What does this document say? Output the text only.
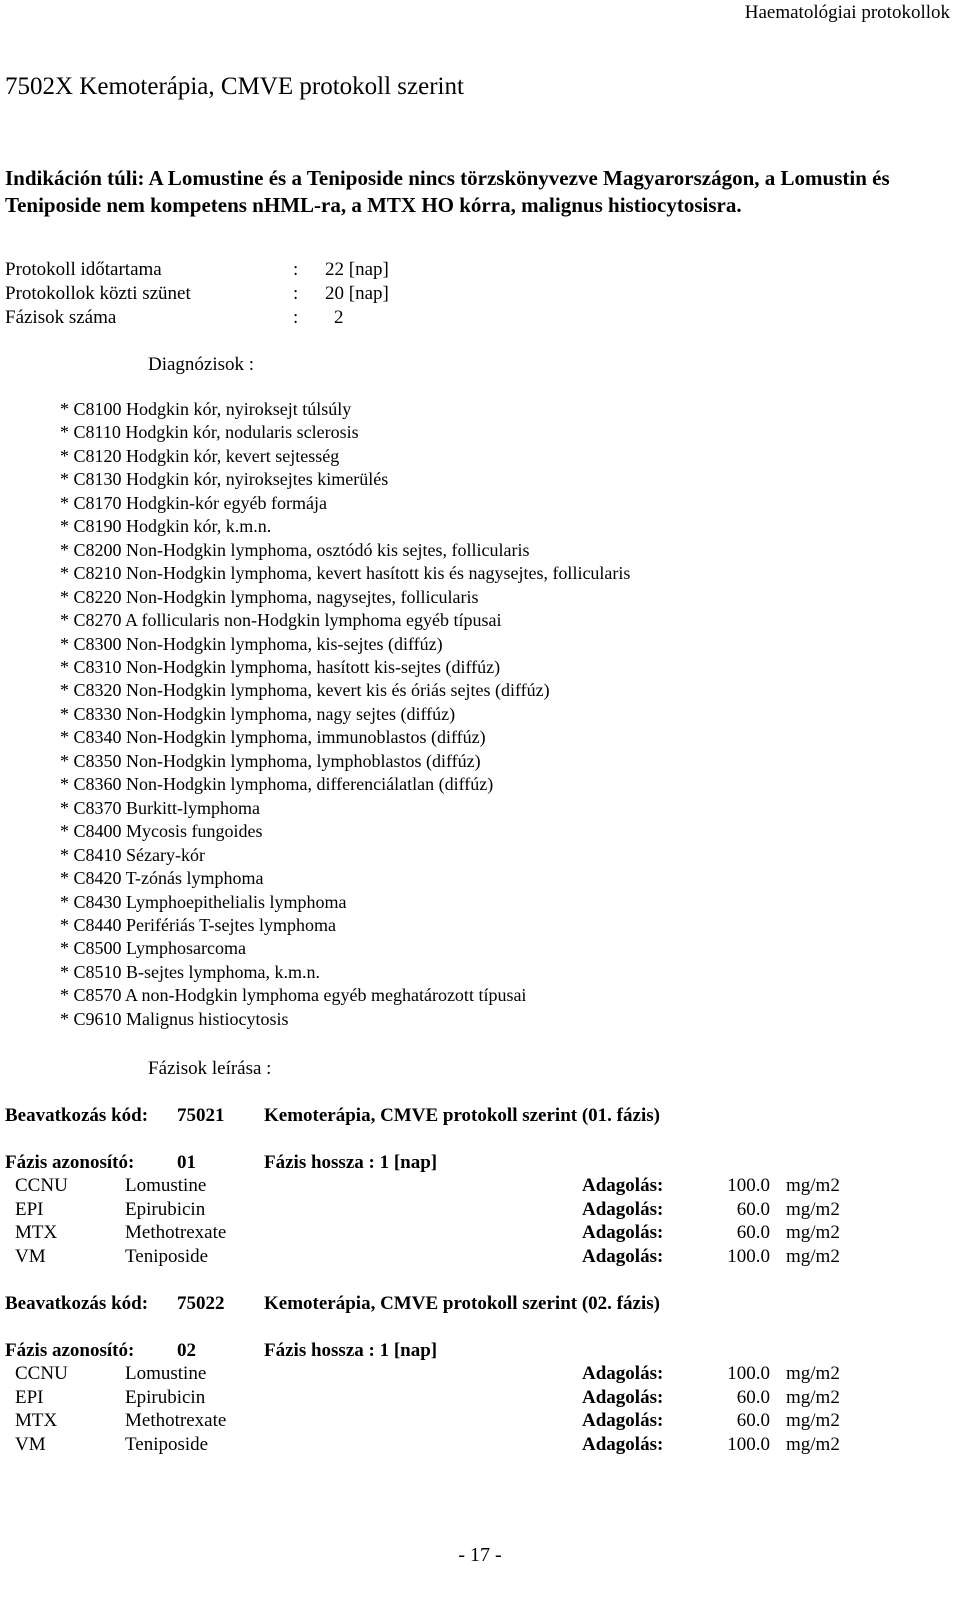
Haematológiai protokollok
7502X Kemoterápia, CMVE protokoll szerint
Indikáción túli: A Lomustine és a Teniposide nincs törzskönyvezve Magyarországon, a Lomustin és Teniposide nem kompetens nHML-ra, a MTX HO kórra, malignus histiocytosisra.
Protokoll időtartama	: 22 [nap]
Protokollok közti szünet	: 20 [nap]
Fázisok száma	: 2
Diagnózisok :
* C8100 Hodgkin kór, nyiroksejt túlsúly
* C8110 Hodgkin kór, nodularis sclerosis
* C8120 Hodgkin kór, kevert sejtesség
* C8130 Hodgkin kór, nyiroksejtes kimerülés
* C8170 Hodgkin-kór egyéb formája
* C8190 Hodgkin kór, k.m.n.
* C8200 Non-Hodgkin lymphoma, osztódó kis sejtes, follicularis
* C8210 Non-Hodgkin lymphoma, kevert hasított kis és nagysejtes, follicularis
* C8220 Non-Hodgkin lymphoma, nagysejtes, follicularis
* C8270 A follicularis non-Hodgkin lymphoma egyéb típusai
* C8300 Non-Hodgkin lymphoma, kis-sejtes (diffúz)
* C8310 Non-Hodgkin lymphoma, hasított kis-sejtes (diffúz)
* C8320 Non-Hodgkin lymphoma, kevert kis és óriás sejtes (diffúz)
* C8330 Non-Hodgkin lymphoma, nagy sejtes (diffúz)
* C8340 Non-Hodgkin lymphoma, immunoblastos (diffúz)
* C8350 Non-Hodgkin lymphoma, lymphoblastos (diffúz)
* C8360 Non-Hodgkin lymphoma, differenciálatlan (diffúz)
* C8370 Burkitt-lymphoma
* C8400 Mycosis fungoides
* C8410 Sézary-kór
* C8420 T-zónás lymphoma
* C8430 Lymphoepithelialis lymphoma
* C8440 Perifériás T-sejtes lymphoma
* C8500 Lymphosarcoma
* C8510 B-sejtes lymphoma, k.m.n.
* C8570 A non-Hodgkin lymphoma egyéb meghatározott típusai
* C9610 Malignus histiocytosis
Fázisok leírása :
Beavatkozás kód: 75021 Kemoterápia, CMVE protokoll szerint (01. fázis)
Fázis azonosító: 01	Fázis hossza : 1 [nap]
CCNU	Lomustine	Adagolás:	100.0 mg/m2
EPI	Epirubicin	Adagolás:	60.0 mg/m2
MTX	Methotrexate	Adagolás:	60.0 mg/m2
VM	Teniposide	Adagolás:	100.0 mg/m2
Beavatkozás kód: 75022 Kemoterápia, CMVE protokoll szerint (02. fázis)
Fázis azonosító: 02	Fázis hossza : 1 [nap]
CCNU	Lomustine	Adagolás:	100.0 mg/m2
EPI	Epirubicin	Adagolás:	60.0 mg/m2
MTX	Methotrexate	Adagolás:	60.0 mg/m2
VM	Teniposide	Adagolás:	100.0 mg/m2
- 17 -
